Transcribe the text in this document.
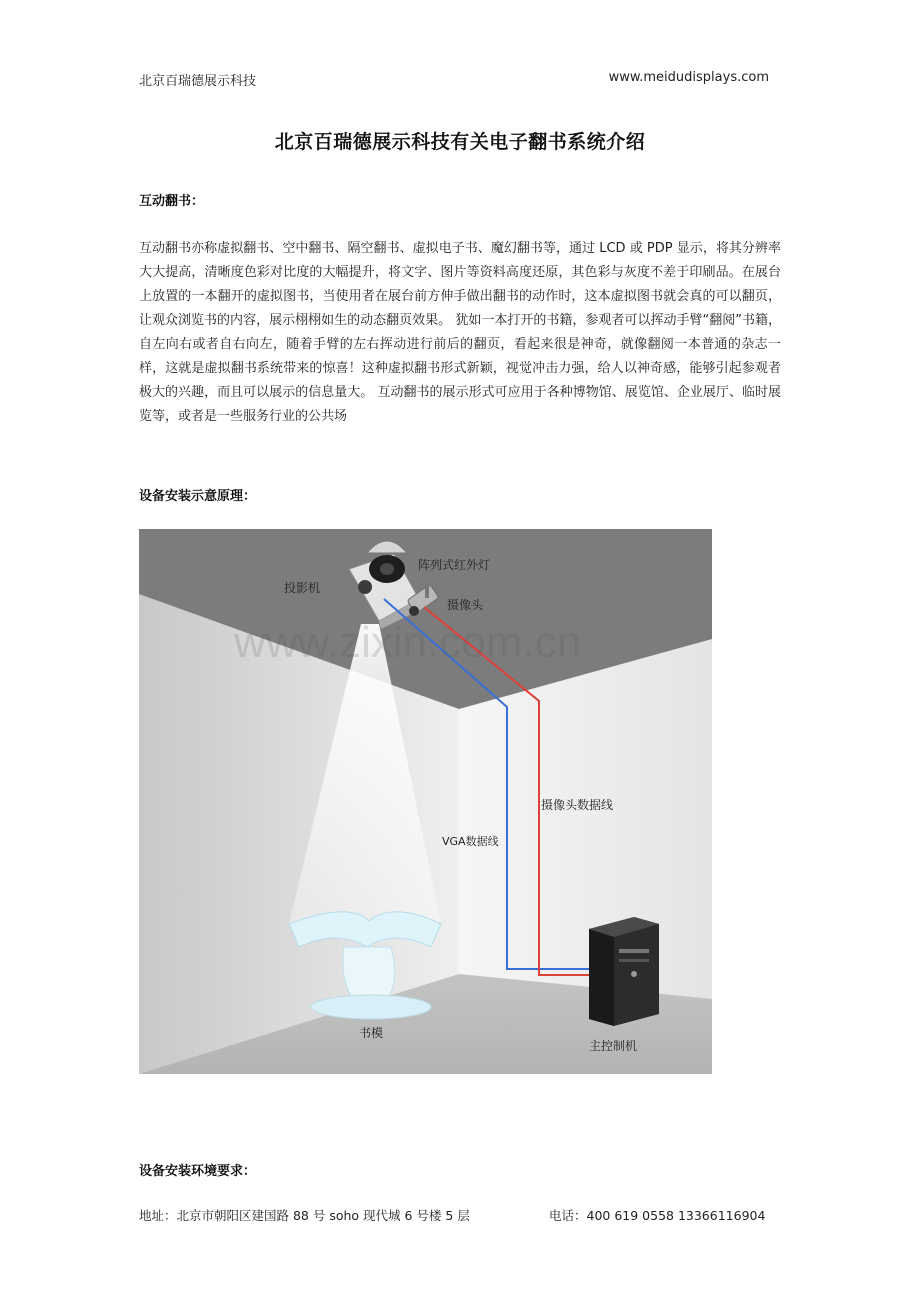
北京百瑞德展示科技	www.meidudisplays.com
北京百瑞德展示科技有关电子翻书系统介绍
互动翻书：
互动翻书亦称虚拟翻书、空中翻书、隔空翻书、虚拟电子书、魔幻翻书等，通过 LCD 或 PDP 显示，将其分辨率大大提高，清晰度色彩对比度的大幅提升，将文字、图片等资料高度还原，其色彩与灰度不差于印刷品。在展台上放置的一本翻开的虚拟图书，当使用者在展台前方伸手做出翻书的动作时，这本虚拟图书就会真的可以翻页，让观众浏览书的内容，展示栩栩如生的动态翻页效果。 犹如一本打开的书籍，参观者可以挥动手臂“翻阅”书籍，自左向右或者自右向左，随着手臂的左右挥动进行前后的翻页，看起来很是神奇，就像翻阅一本普通的杂志一样，这就是虚拟翻书系统带来的惊喜！这种虚拟翻书形式新颖，视觉冲击力强，给人以神奇感，能够引起参观者极大的兴趣，而且可以展示的信息量大。 互动翻书的展示形式可应用于各种博物馆、展览馆、企业展厅、临时展览等，或者是一些服务行业的公共场
设备安装示意原理：
www.zixin.com.cn
阵列式红外灯
投影机
摄像头
摄像头数据线
VGA数据线
书模
主控制机
设备安装环境要求：
地址：北京市朝阳区建国路 88 号 soho 现代城 6 号楼 5 层	电话：400 619 0558 13366116904
